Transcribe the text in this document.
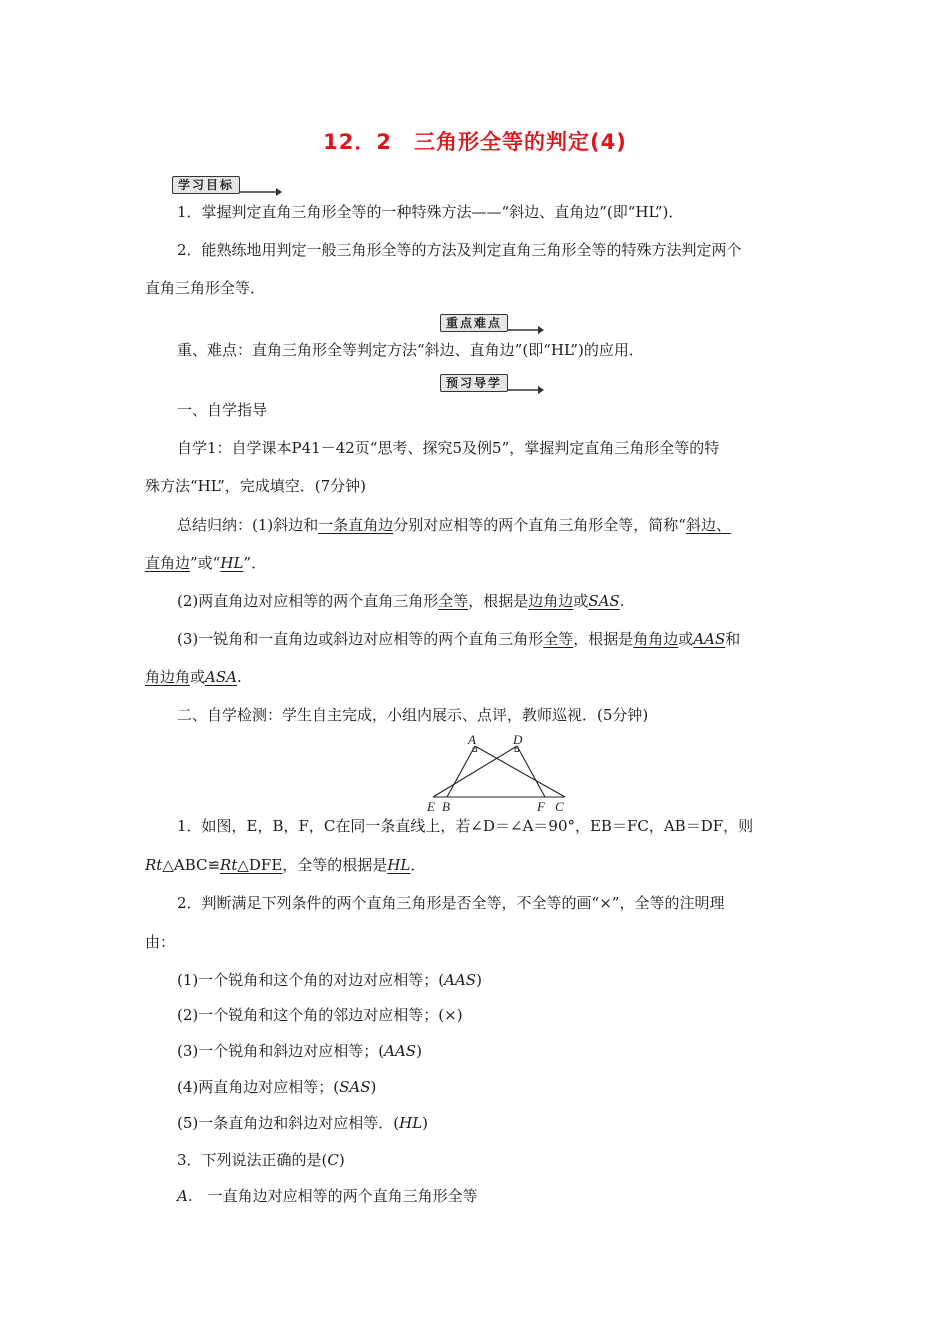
12．2　三角形全等的判定(4)
学习目标
1．掌握判定直角三角形全等的一种特殊方法——“斜边、直角边”(即“HL”)．
2．能熟练地用判定一般三角形全等的方法及判定直角三角形全等的特殊方法判定两个
直角三角形全等．
重点难点
重、难点：直角三角形全等判定方法“斜边、直角边”(即“HL”)的应用．
预习导学
一、自学指导
自学1：自学课本P41－42页“思考、探究5及例5”，掌握判定直角三角形全等的特
殊方法“HL”，完成填空．(7分钟)
总结归纳：(1)斜边和一条直角边分别对应相等的两个直角三角形全等，简称“斜边、
直角边”或“HL”．
(2)两直角边对应相等的两个直角三角形全等，根据是边角边或SAS.
(3)一锐角和一直角边或斜边对应相等的两个直角三角形全等，根据是角角边或AAS和
角边角或ASA.
二、自学检测：学生自主完成，小组内展示、点评，教师巡视．(5分钟)
A	D
E B	F C
1．如图，E，B，F，C在同一条直线上，若∠D＝∠A＝90°，EB＝FC，AB＝DF，则
Rt△ABC≌Rt△DFE，全等的根据是HL．
2．判断满足下列条件的两个直角三角形是否全等，不全等的画“×”，全等的注明理
由：
(1)一个锐角和这个角的对边对应相等；(AAS)
(2)一个锐角和这个角的邻边对应相等；(×)
(3)一个锐角和斜边对应相等；(AAS)
(4)两直角边对应相等；(SAS)
(5)一条直角边和斜边对应相等．(HL)
3．下列说法正确的是(C)
A.　一直角边对应相等的两个直角三角形全等
